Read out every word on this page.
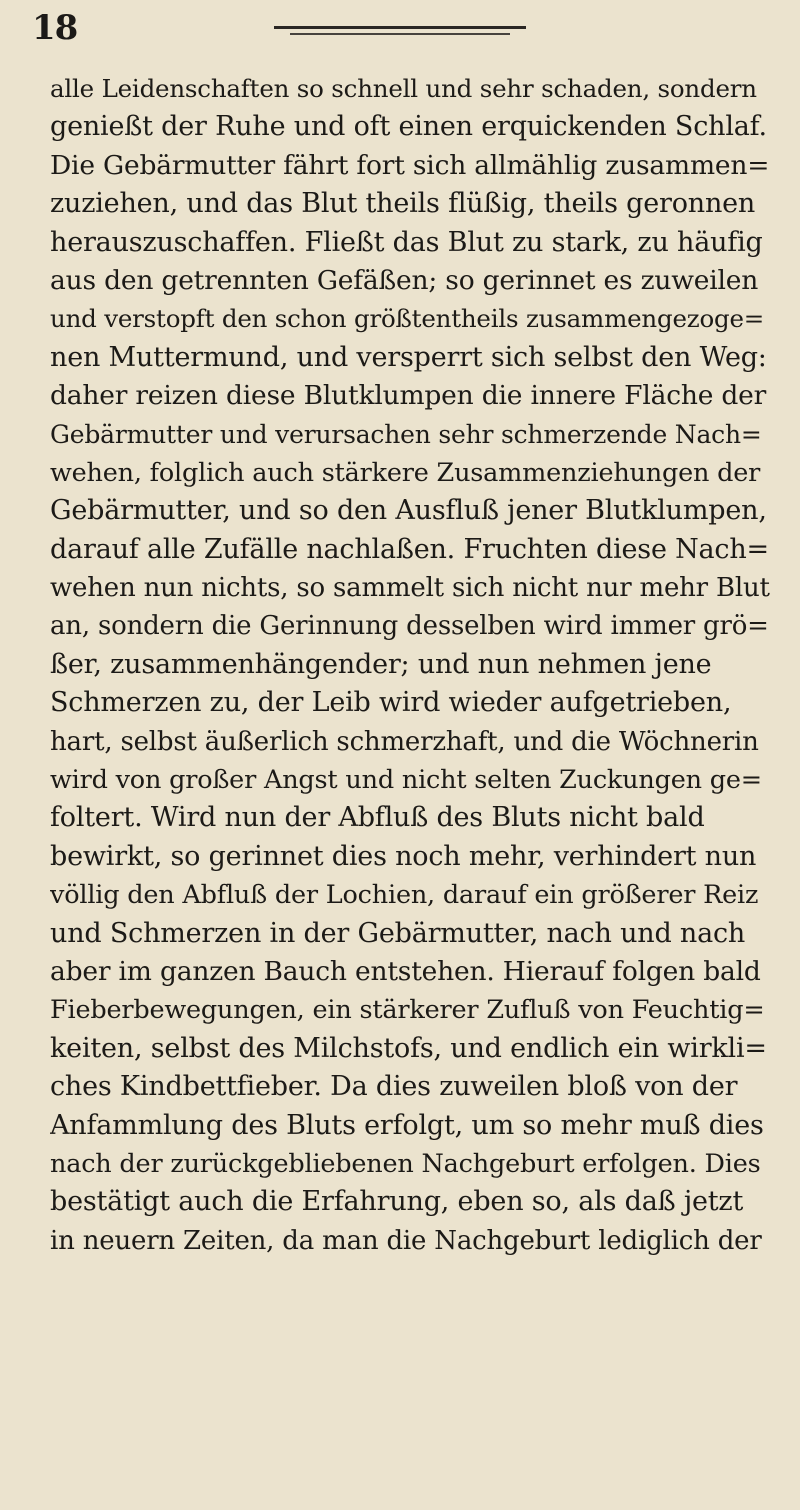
18
alle Leidenschaften so schnell und sehr schaden, sondern
genießt der Ruhe und oft einen erquickenden Schlaf.
Die Gebärmutter fährt fort sich allmählig zusammen=
zuziehen, und das Blut theils flüßig, theils geronnen
herauszuschaffen. Fließt das Blut zu stark, zu häufig
aus den getrennten Gefäßen; so gerinnet es zuweilen
und verstopft den schon größtentheils zusammengezoge=
nen Muttermund, und versperrt sich selbst den Weg:
daher reizen diese Blutklumpen die innere Fläche der
Gebärmutter und verursachen sehr schmerzende Nach=
wehen, folglich auch stärkere Zusammenziehungen der
Gebärmutter, und so den Ausfluß jener Blutklumpen,
darauf alle Zufälle nachlaßen. Fruchten diese Nach=
wehen nun nichts, so sammelt sich nicht nur mehr Blut
an, sondern die Gerinnung desselben wird immer grö=
ßer, zusammenhängender; und nun nehmen jene
Schmerzen zu, der Leib wird wieder aufgetrieben,
hart, selbst äußerlich schmerzhaft, und die Wöchnerin
wird von großer Angst und nicht selten Zuckungen ge=
foltert. Wird nun der Abfluß des Bluts nicht bald
bewirkt, so gerinnet dies noch mehr, verhindert nun
völlig den Abfluß der Lochien, darauf ein größerer Reiz
und Schmerzen in der Gebärmutter, nach und nach
aber im ganzen Bauch entstehen. Hierauf folgen bald
Fieberbewegungen, ein stärkerer Zufluß von Feuchtig=
keiten, selbst des Milchstofs, und endlich ein wirkli=
ches Kindbettfieber. Da dies zuweilen bloß von der
Anfammlung des Bluts erfolgt, um so mehr muß dies
nach der zurückgebliebenen Nachgeburt erfolgen. Dies
bestätigt auch die Erfahrung, eben so, als daß jetzt
in neuern Zeiten, da man die Nachgeburt lediglich der
